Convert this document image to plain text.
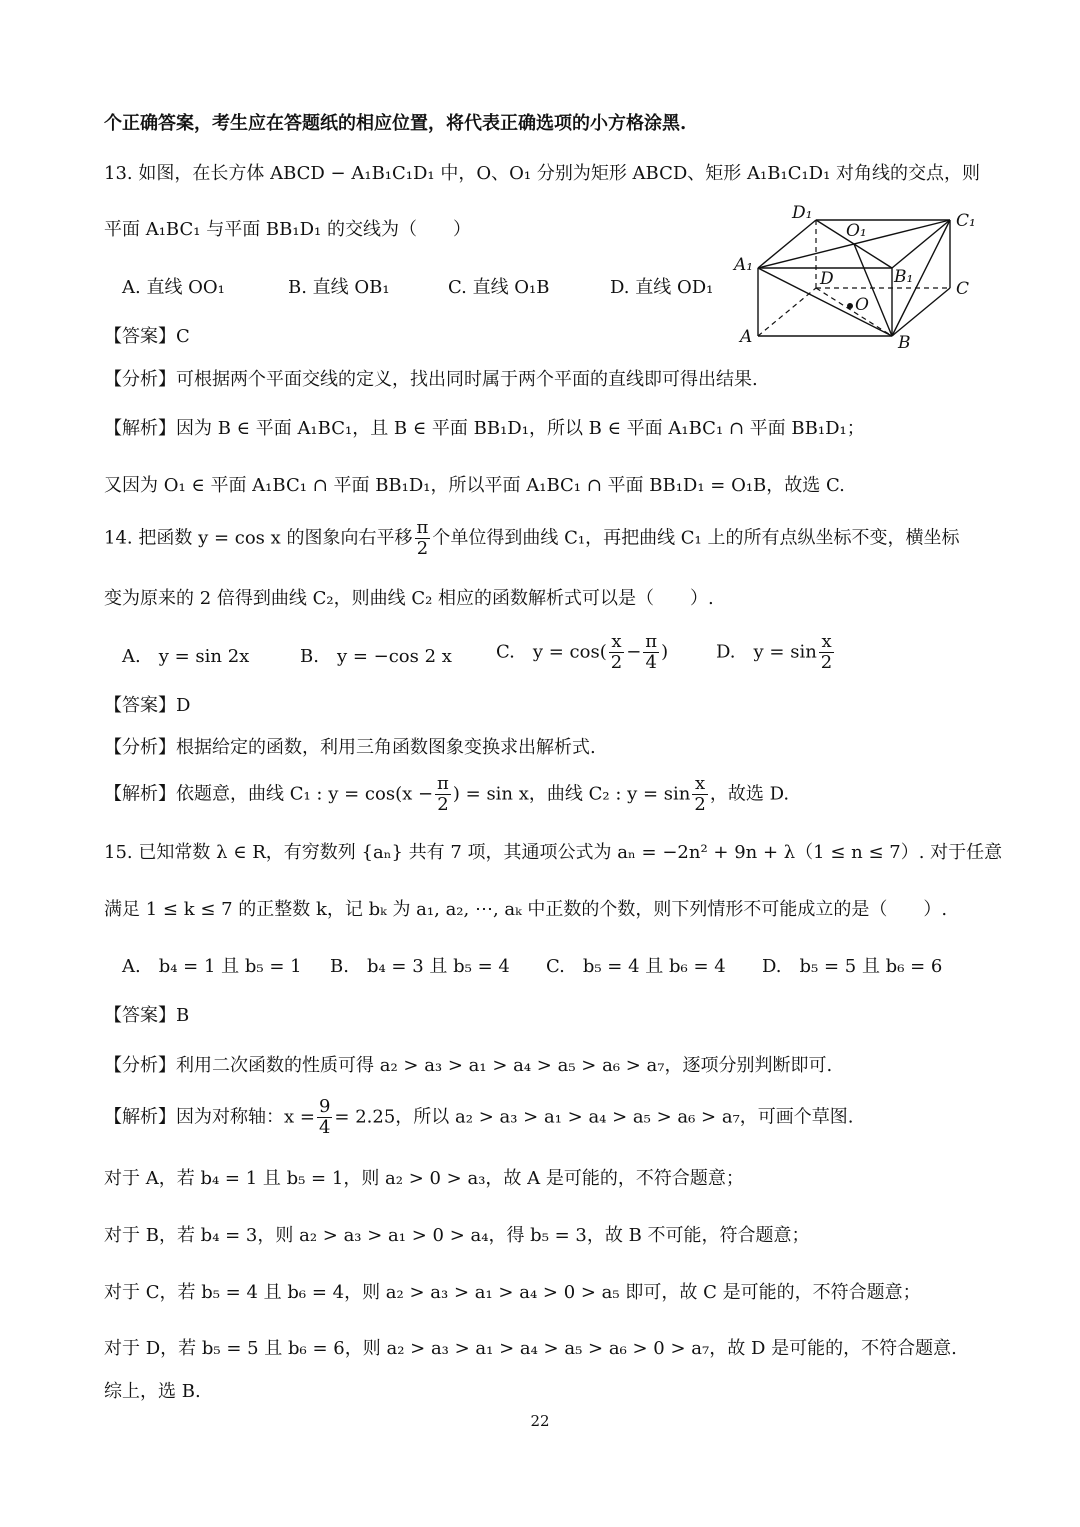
个正确答案，考生应在答题纸的相应位置，将代表正确选项的小方格涂黑.
13. 如图，在长方体 ABCD − A₁B₁C₁D₁ 中，O、O₁ 分别为矩形 ABCD、矩形 A₁B₁C₁D₁ 对角线的交点，则
平面 A₁BC₁ 与平面 BB₁D₁ 的交线为（　　）
A. 直线 OO₁	B. 直线 OB₁	C. 直线 O₁B	D. 直线 OD₁
D₁
O₁	C₁
A₁
D	B₁
C
O
A	B
【答案】C
【分析】可根据两个平面交线的定义，找出同时属于两个平面的直线即可得出结果.
【解析】因为 B ∈ 平面 A₁BC₁，且 B ∈ 平面 BB₁D₁，所以 B ∈ 平面 A₁BC₁ ∩ 平面 BB₁D₁；
又因为 O₁ ∈ 平面 A₁BC₁ ∩ 平面 BB₁D₁，所以平面 A₁BC₁ ∩ 平面 BB₁D₁ = O₁B，故选 C.
14. 把函数 y = cos x 的图象向右平移 $\frac{\pi}{2}$ 个单位得到曲线 C₁，再把曲线 C₁ 上的所有点纵坐标不变，横坐标
变为原来的 2 倍得到曲线 C₂，则曲线 C₂ 相应的函数解析式可以是（　　）.
A.　y = sin 2x	B.　y = −cos 2 x C.　$y = \cos( \frac{x}{2} - \frac{\pi}{4}$ )	D.　$y = \sin \frac{x}{2}$
【答案】D
【分析】根据给定的函数，利用三角函数图象变换求出解析式.
【解析】依题意，曲线 C₁ : $y = \cos(x - \frac{\pi}{2}$ ) = sin x，曲线 C₂ : $y = \sin \frac{x}{2}$ ，故选 D.
15. 已知常数 λ ∈ R，有穷数列 {aₙ} 共有 7 项，其通项公式为 aₙ = −2n² + 9n + λ（1 ≤ n ≤ 7）. 对于任意
满足 1 ≤ k ≤ 7 的正整数 k，记 bₖ 为 a₁, a₂, ⋯, aₖ 中正数的个数，则下列情形不可能成立的是（　　）.
A.　b₄ = 1 且 b₅ = 1 B.　b₄ = 3 且 b₅ = 4 C.　b₅ = 4 且 b₆ = 4 D.　b₅ = 5 且 b₆ = 6
【答案】B
【分析】利用二次函数的性质可得 a₂ > a₃ > a₁ > a₄ > a₅ > a₆ > a₇，逐项分别判断即可.
【解析】因为对称轴：$x = \frac{9}{4} = 2.25$，所以 a₂ > a₃ > a₁ > a₄ > a₅ > a₆ > a₇，可画个草图.
对于 A，若 b₄ = 1 且 b₅ = 1，则 a₂ > 0 > a₃，故 A 是可能的，不符合题意；
对于 B，若 b₄ = 3，则 a₂ > a₃ > a₁ > 0 > a₄，得 b₅ = 3，故 B 不可能，符合题意；
对于 C，若 b₅ = 4 且 b₆ = 4，则 a₂ > a₃ > a₁ > a₄ > 0 > a₅ 即可，故 C 是可能的，不符合题意；
对于 D，若 b₅ = 5 且 b₆ = 6，则 a₂ > a₃ > a₁ > a₄ > a₅ > a₆ > 0 > a₇，故 D 是可能的，不符合题意.
综上，选 B.
22
